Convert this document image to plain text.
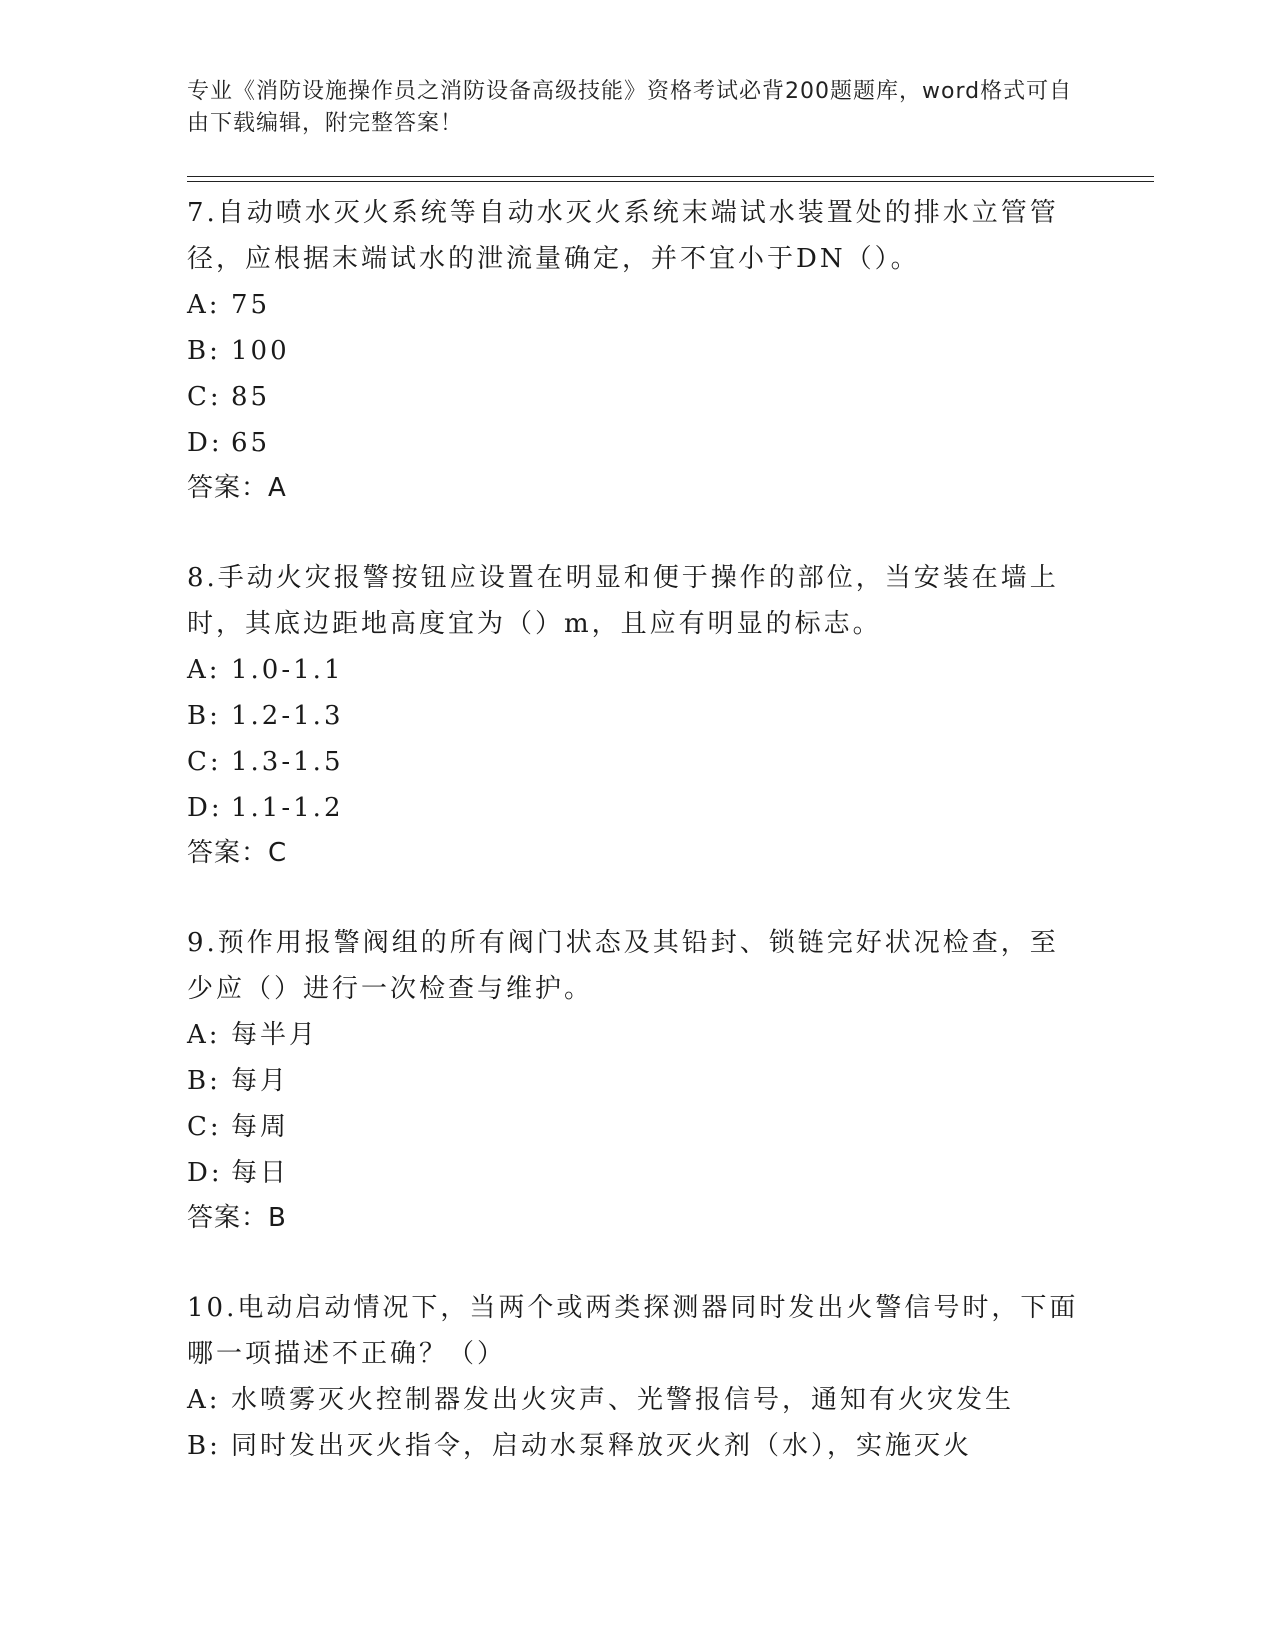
专业《消防设施操作员之消防设备高级技能》资格考试必背200题题库，word格式可自由下载编辑，附完整答案！

7.自动喷水灭火系统等自动水灭火系统末端试水装置处的排水立管管径，应根据末端试水的泄流量确定，并不宜小于DN（）。

A: 75
B: 100
C: 85
D: 65
答案：A

8.手动火灾报警按钮应设置在明显和便于操作的部位，当安装在墙上时，其底边距地高度宜为（）m，且应有明显的标志。

A: 1.0-1.1
B: 1.2-1.3
C: 1.3-1.5
D: 1.1-1.2
答案：C

9.预作用报警阀组的所有阀门状态及其铅封、锁链完好状况检查，至少应（）进行一次检查与维护。

A: 每半月
B: 每月
C: 每周
D: 每日
答案：B

10.电动启动情况下，当两个或两类探测器同时发出火警信号时，下面哪一项描述不正确？（）

A: 水喷雾灭火控制器发出火灾声、光警报信号，通知有火灾发生
B: 同时发出灭火指令，启动水泵释放灭火剂（水），实施灭火
